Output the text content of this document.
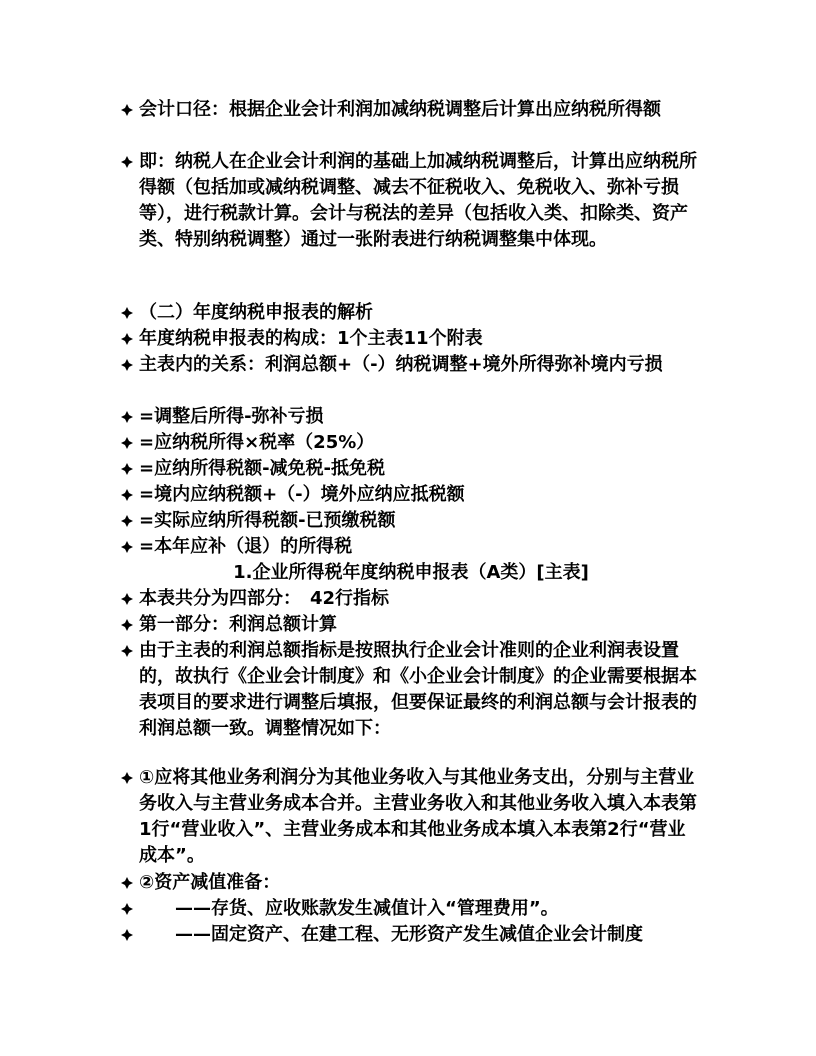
会计口径：根据企业会计利润加减纳税调整后计算出应纳税所得额
即：纳税人在企业会计利润的基础上加减纳税调整后，计算出应纳税所得额（包括加或减纳税调整、减去不征税收入、免税收入、弥补亏损等），进行税款计算。会计与税法的差异（包括收入类、扣除类、资产类、特别纳税调整）通过一张附表进行纳税调整集中体现。
（二）年度纳税申报表的解析
年度纳税申报表的构成：1个主表11个附表
主表内的关系：利润总额+（-）纳税调整+境外所得弥补境内亏损
=调整后所得-弥补亏损
=应纳税所得×税率（25%）
=应纳所得税额-减免税-抵免税
=境内应纳税额+（-）境外应纳应抵税额
=实际应纳所得税额-已预缴税额
=本年应补（退）的所得税
1.企业所得税年度纳税申报表（A类）[主表]
本表共分为四部分：　42行指标
第一部分：利润总额计算
由于主表的利润总额指标是按照执行企业会计准则的企业利润表设置的，故执行《企业会计制度》和《小企业会计制度》的企业需要根据本表项目的要求进行调整后填报，但要保证最终的利润总额与会计报表的利润总额一致。调整情况如下：
①应将其他业务利润分为其他业务收入与其他业务支出，分别与主营业务收入与主营业务成本合并。主营业务收入和其他业务收入填入本表第1行“营业收入”、主营业务成本和其他业务成本填入本表第2行“营业成本”。
②资产减值准备：
　　——存货、应收账款发生减值计入“管理费用”。
　　——固定资产、在建工程、无形资产发生减值企业会计制度
